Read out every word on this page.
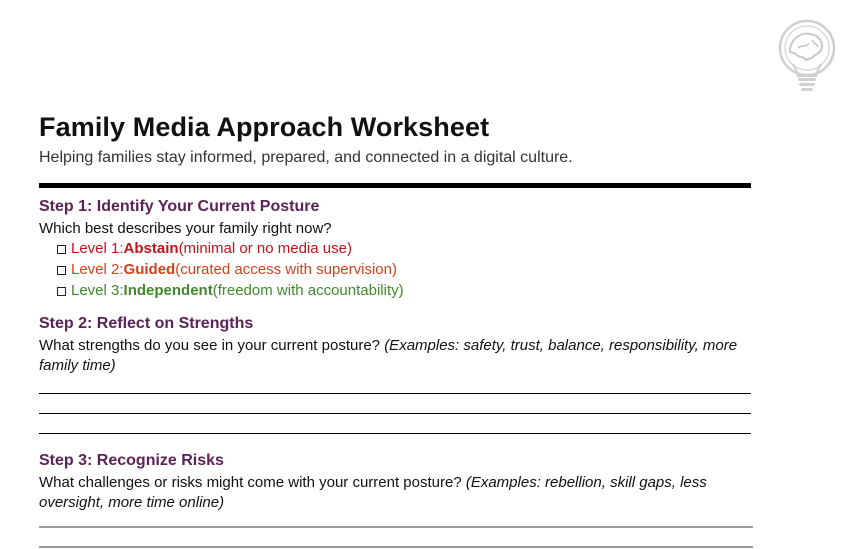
Family Media Approach Worksheet

Helping families stay informed, prepared, and connected in a digital culture.

Step 1: Identify Your Current Posture

Which best describes your family right now?

Level 1: Abstain (minimal or no media use)
Level 2: Guided (curated access with supervision)
Level 3: Independent (freedom with accountability)
Step 2: Reflect on Strengths

What strengths do you see in your current posture? (Examples: safety, trust, balance, responsibility, more family time)

Step 3: Recognize Risks

What challenges or risks might come with your current posture? (Examples: rebellion, skill gaps, less oversight, more time online)
